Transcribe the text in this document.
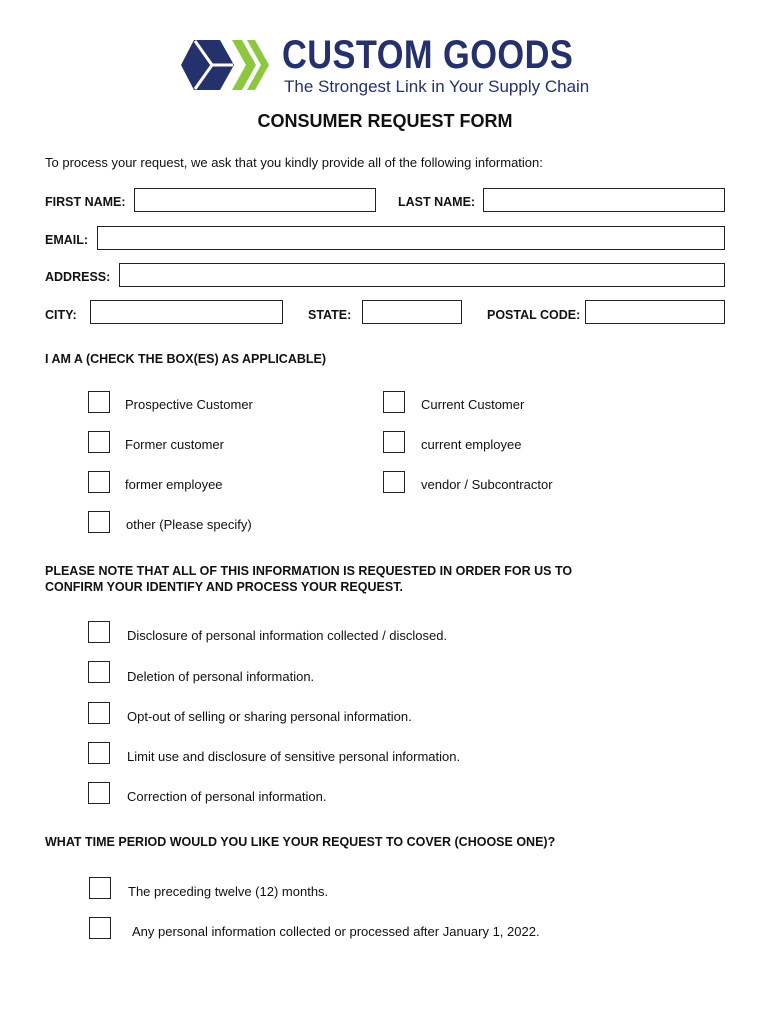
CUSTOM GOODS
The Strongest Link in Your Supply Chain
CONSUMER REQUEST FORM
To process your request, we ask that you kindly provide all of the following information:
FIRST NAME:	LAST NAME:
EMAIL:
ADDRESS:
CITY:	STATE:	POSTAL CODE:
I AM A (CHECK THE BOX(ES) AS APPLICABLE)
Prospective Customer	Current Customer
Former customer	current employee
former employee	vendor / Subcontractor
other (Please specify)
PLEASE NOTE THAT ALL OF THIS INFORMATION IS REQUESTED IN ORDER FOR US TO
CONFIRM YOUR IDENTIFY AND PROCESS YOUR REQUEST.
Disclosure of personal information collected / disclosed.
Deletion of personal information.
Opt-out of selling or sharing personal information.
Limit use and disclosure of sensitive personal information.
Correction of personal information.
WHAT TIME PERIOD WOULD YOU LIKE YOUR REQUEST TO COVER (CHOOSE ONE)?
The preceding twelve (12) months.
Any personal information collected or processed after January 1, 2022.
